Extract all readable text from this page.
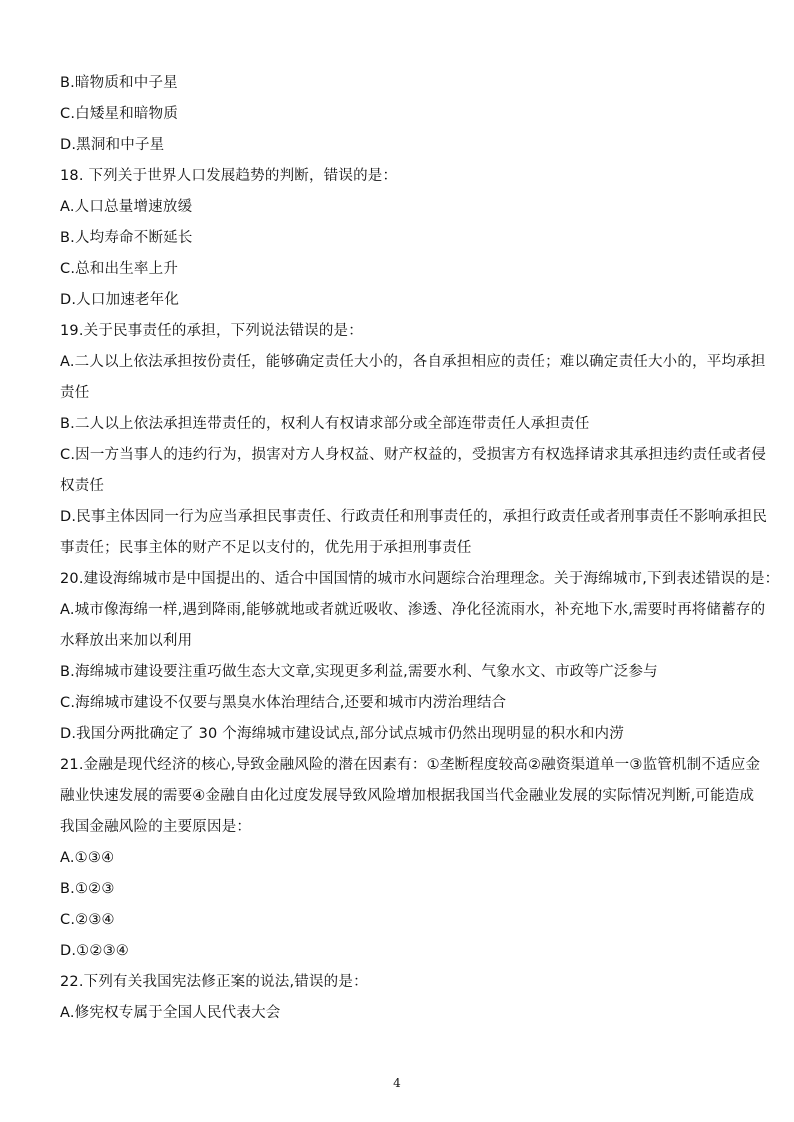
B.暗物质和中子星
C.白矮星和暗物质
D.黑洞和中子星
18. 下列关于世界人口发展趋势的判断，错误的是：
A.人口总量增速放缓
B.人均寿命不断延长
C.总和出生率上升
D.人口加速老年化
19.关于民事责任的承担，下列说法错误的是：
A.二人以上依法承担按份责任，能够确定责任大小的，各自承担相应的责任；难以确定责任大小的，平均承担
责任
B.二人以上依法承担连带责任的，权利人有权请求部分或全部连带责任人承担责任
C.因一方当事人的违约行为，损害对方人身权益、财产权益的，受损害方有权选择请求其承担违约责任或者侵
权责任
D.民事主体因同一行为应当承担民事责任、行政责任和刑事责任的，承担行政责任或者刑事责任不影响承担民
事责任；民事主体的财产不足以支付的，优先用于承担刑事责任
20.建设海绵城市是中国提出的、适合中国国情的城市水问题综合治理理念。关于海绵城市,下到表述错误的是：
A.城市像海绵一样,遇到降雨,能够就地或者就近吸收、渗透、净化径流雨水，补充地下水,需要时再将储蓄存的
水释放出来加以利用
B.海绵城市建设要注重巧做生态大文章,实现更多利益,需要水利、气象水文、市政等广泛参与
C.海绵城市建设不仅要与黑臭水体治理结合,还要和城市内涝治理结合
D.我国分两批确定了 30 个海绵城市建设试点,部分试点城市仍然出现明显的积水和内涝
21.金融是现代经济的核心,导致金融风险的潜在因素有：①垄断程度较高②融资渠道单一③监管机制不适应金
融业快速发展的需要④金融自由化过度发展导致风险增加根据我国当代金融业发展的实际情况判断,可能造成
我国金融风险的主要原因是：
A.①③④
B.①②③
C.②③④
D.①②③④
22.下列有关我国宪法修正案的说法,错误的是：
A.修宪权专属于全国人民代表大会
4
